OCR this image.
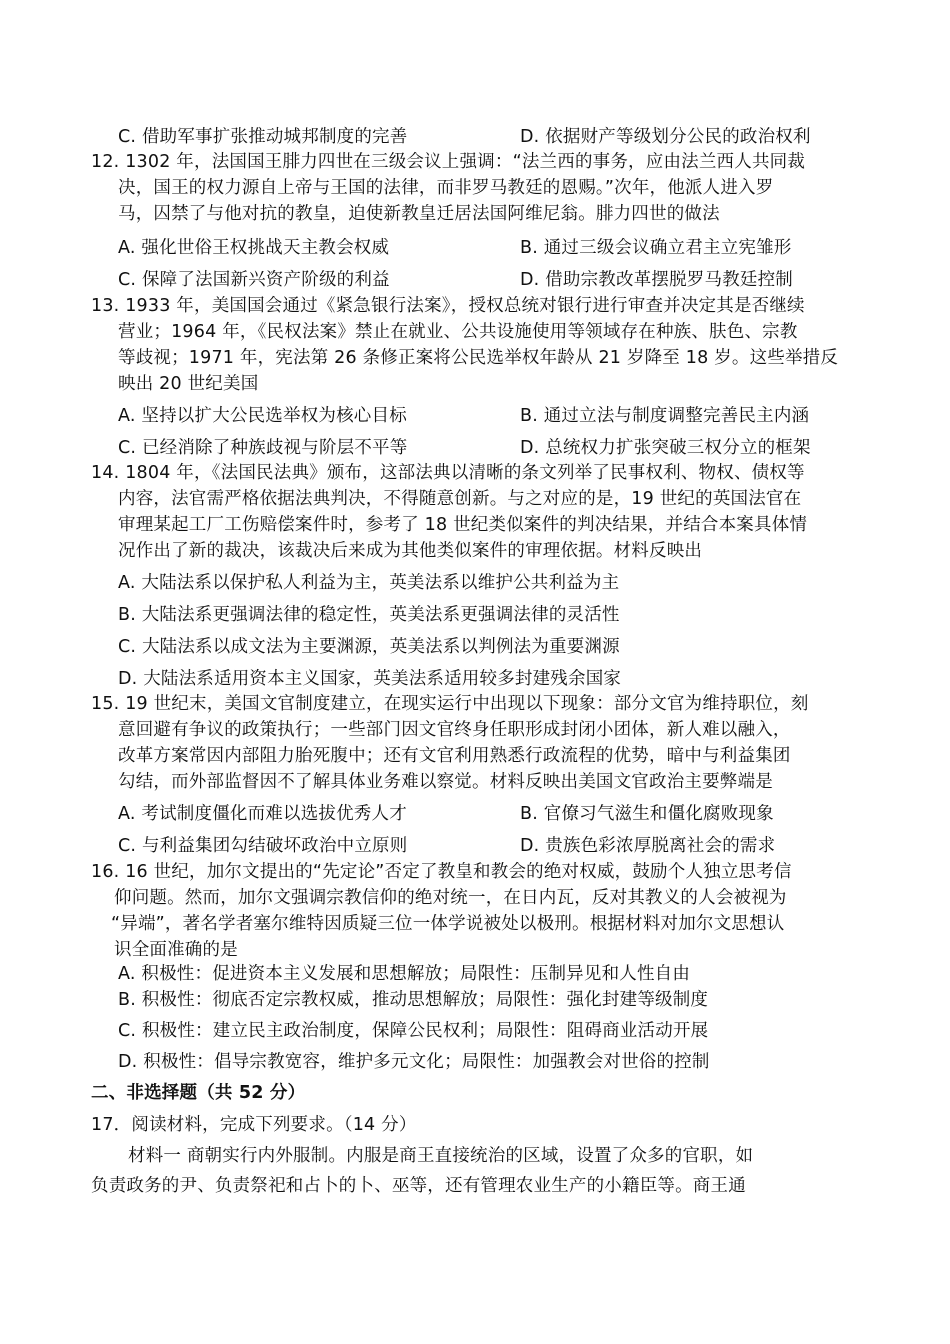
C. 借助军事扩张推动城邦制度的完善	D. 依据财产等级划分公民的政治权利
12. 1302 年，法国国王腓力四世在三级会议上强调：“法兰西的事务，应由法兰西人共同裁
决，国王的权力源自上帝与王国的法律，而非罗马教廷的恩赐。”次年，他派人进入罗
马，囚禁了与他对抗的教皇，迫使新教皇迁居法国阿维尼翁。腓力四世的做法
A. 强化世俗王权挑战天主教会权威	B. 通过三级会议确立君主立宪雏形
C. 保障了法国新兴资产阶级的利益	D. 借助宗教改革摆脱罗马教廷控制
13. 1933 年，美国国会通过《紧急银行法案》，授权总统对银行进行审查并决定其是否继续
营业；1964 年，《民权法案》禁止在就业、公共设施使用等领域存在种族、肤色、宗教
等歧视；1971 年，宪法第 26 条修正案将公民选举权年龄从 21 岁降至 18 岁。这些举措反
映出 20 世纪美国
A. 坚持以扩大公民选举权为核心目标	B. 通过立法与制度调整完善民主内涵
C. 已经消除了种族歧视与阶层不平等	D. 总统权力扩张突破三权分立的框架
14. 1804 年，《法国民法典》颁布，这部法典以清晰的条文列举了民事权利、物权、债权等
内容，法官需严格依据法典判决，不得随意创新。与之对应的是，19 世纪的英国法官在
审理某起工厂工伤赔偿案件时，参考了 18 世纪类似案件的判决结果，并结合本案具体情
况作出了新的裁决，该裁决后来成为其他类似案件的审理依据。材料反映出
A. 大陆法系以保护私人利益为主，英美法系以维护公共利益为主
B. 大陆法系更强调法律的稳定性，英美法系更强调法律的灵活性
C. 大陆法系以成文法为主要渊源，英美法系以判例法为重要渊源
D. 大陆法系适用资本主义国家，英美法系适用较多封建残余国家
15. 19 世纪末，美国文官制度建立，在现实运行中出现以下现象：部分文官为维持职位，刻
意回避有争议的政策执行；一些部门因文官终身任职形成封闭小团体，新人难以融入，
改革方案常因内部阻力胎死腹中；还有文官利用熟悉行政流程的优势，暗中与利益集团
勾结，而外部监督因不了解具体业务难以察觉。材料反映出美国文官政治主要弊端是
A. 考试制度僵化而难以选拔优秀人才	B. 官僚习气滋生和僵化腐败现象
C. 与利益集团勾结破坏政治中立原则	D. 贵族色彩浓厚脱离社会的需求
16. 16 世纪，加尔文提出的“先定论”否定了教皇和教会的绝对权威，鼓励个人独立思考信
仰问题。然而，加尔文强调宗教信仰的绝对统一，在日内瓦，反对其教义的人会被视为
“异端”，著名学者塞尔维特因质疑三位一体学说被处以极刑。根据材料对加尔文思想认
识全面准确的是
A. 积极性：促进资本主义发展和思想解放；局限性：压制异见和人性自由
B. 积极性：彻底否定宗教权威，推动思想解放；局限性：强化封建等级制度
C. 积极性：建立民主政治制度，保障公民权利；局限性：阻碍商业活动开展
D. 积极性：倡导宗教宽容，维护多元文化；局限性：加强教会对世俗的控制
二、非选择题（共 52 分）
17．阅读材料，完成下列要求。（14 分）
材料一 商朝实行内外服制。内服是商王直接统治的区域，设置了众多的官职，如
负责政务的尹、负责祭祀和占卜的卜、巫等，还有管理农业生产的小籍臣等。商王通
